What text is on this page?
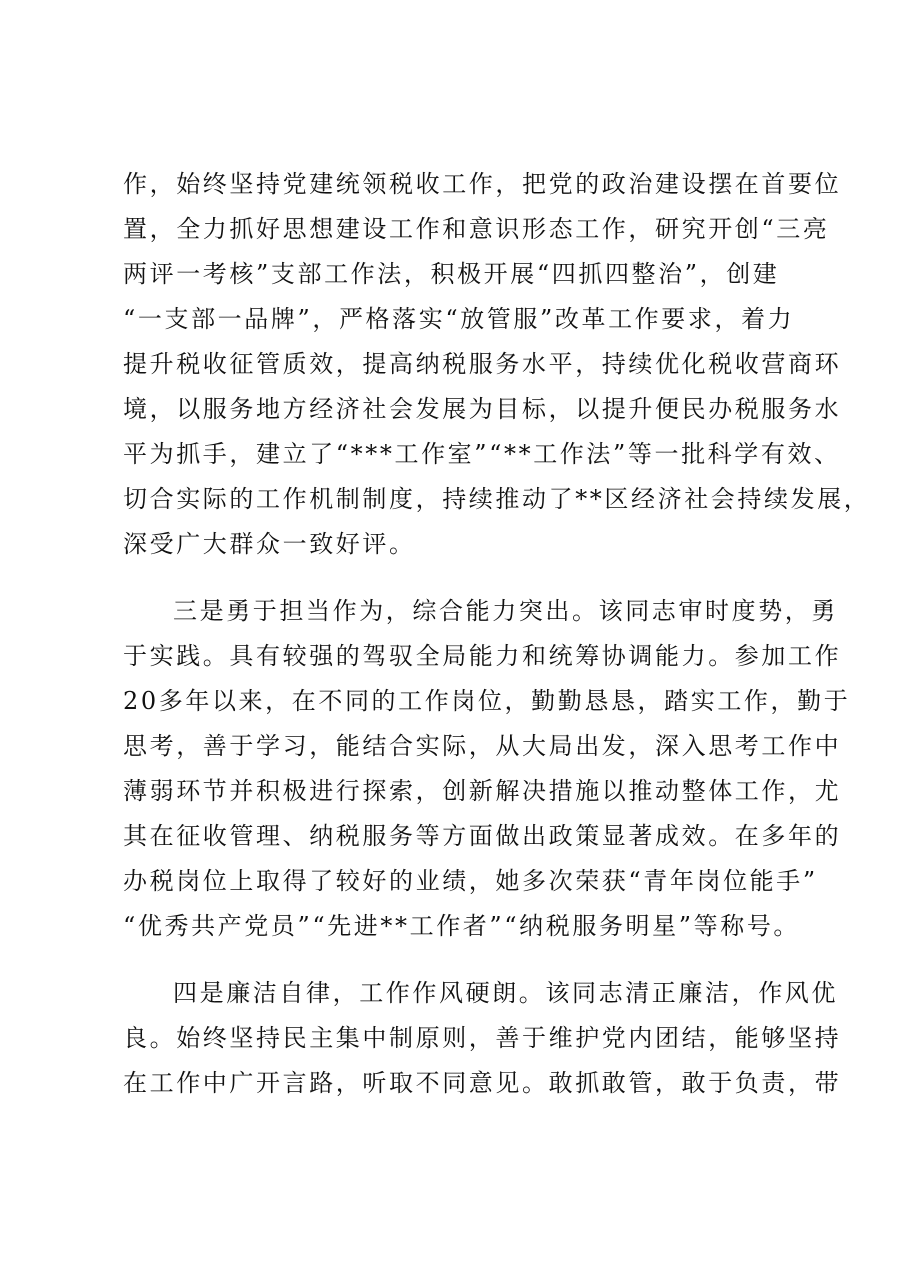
作，始终坚持党建统领税收工作，把党的政治建设摆在首要位
置，全力抓好思想建设工作和意识形态工作，研究开创“三亮
两评一考核”支部工作法，积极开展“四抓四整治”，创建
“一支部一品牌”，严格落实“放管服”改革工作要求，着力
提升税收征管质效，提高纳税服务水平，持续优化税收营商环
境，以服务地方经济社会发展为目标，以提升便民办税服务水
平为抓手，建立了“***工作室”“**工作法”等一批科学有效、
切合实际的工作机制制度，持续推动了**区经济社会持续发展，
深受广大群众一致好评。
三是勇于担当作为，综合能力突出。该同志审时度势，勇
于实践。具有较强的驾驭全局能力和统筹协调能力。参加工作
20多年以来，在不同的工作岗位，勤勤恳恳，踏实工作，勤于
思考，善于学习，能结合实际，从大局出发，深入思考工作中
薄弱环节并积极进行探索，创新解决措施以推动整体工作，尤
其在征收管理、纳税服务等方面做出政策显著成效。在多年的
办税岗位上取得了较好的业绩，她多次荣获“青年岗位能手”
“优秀共产党员”“先进**工作者”“纳税服务明星”等称号。
四是廉洁自律，工作作风硬朗。该同志清正廉洁，作风优
良。始终坚持民主集中制原则，善于维护党内团结，能够坚持
在工作中广开言路，听取不同意见。敢抓敢管，敢于负责，带
